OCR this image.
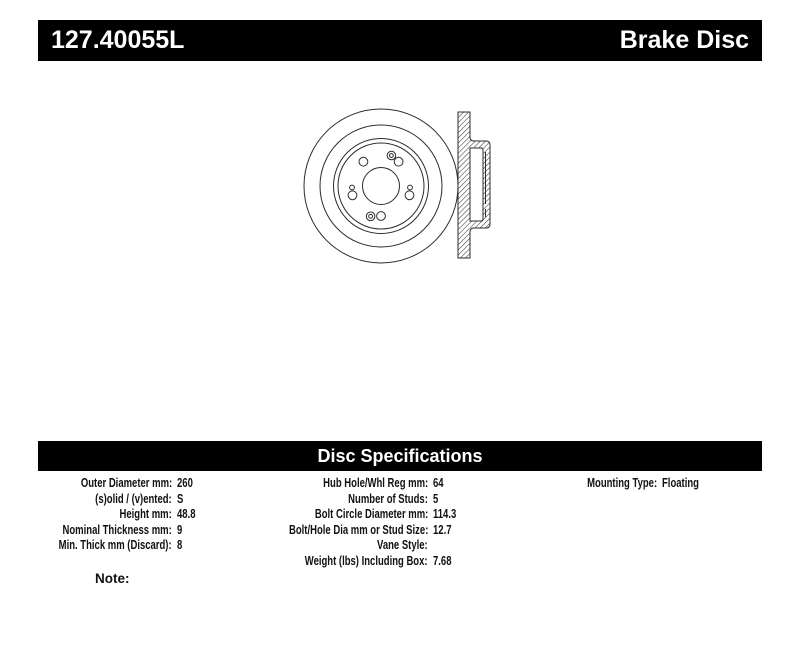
127.40055L	Brake Disc
Disc Specifications
Outer Diameter mm: 260
(s)olid / (v)ented: S
Height mm: 48.8
Nominal Thickness mm: 9
Min. Thick mm (Discard): 8
Hub Hole/Whl Reg mm: 64
Number of Studs: 5
Bolt Circle Diameter mm: 114.3
Bolt/Hole Dia mm or Stud Size: 12.7
Vane Style:
Weight (lbs) Including Box: 7.68
Mounting Type: Floating
Note:
